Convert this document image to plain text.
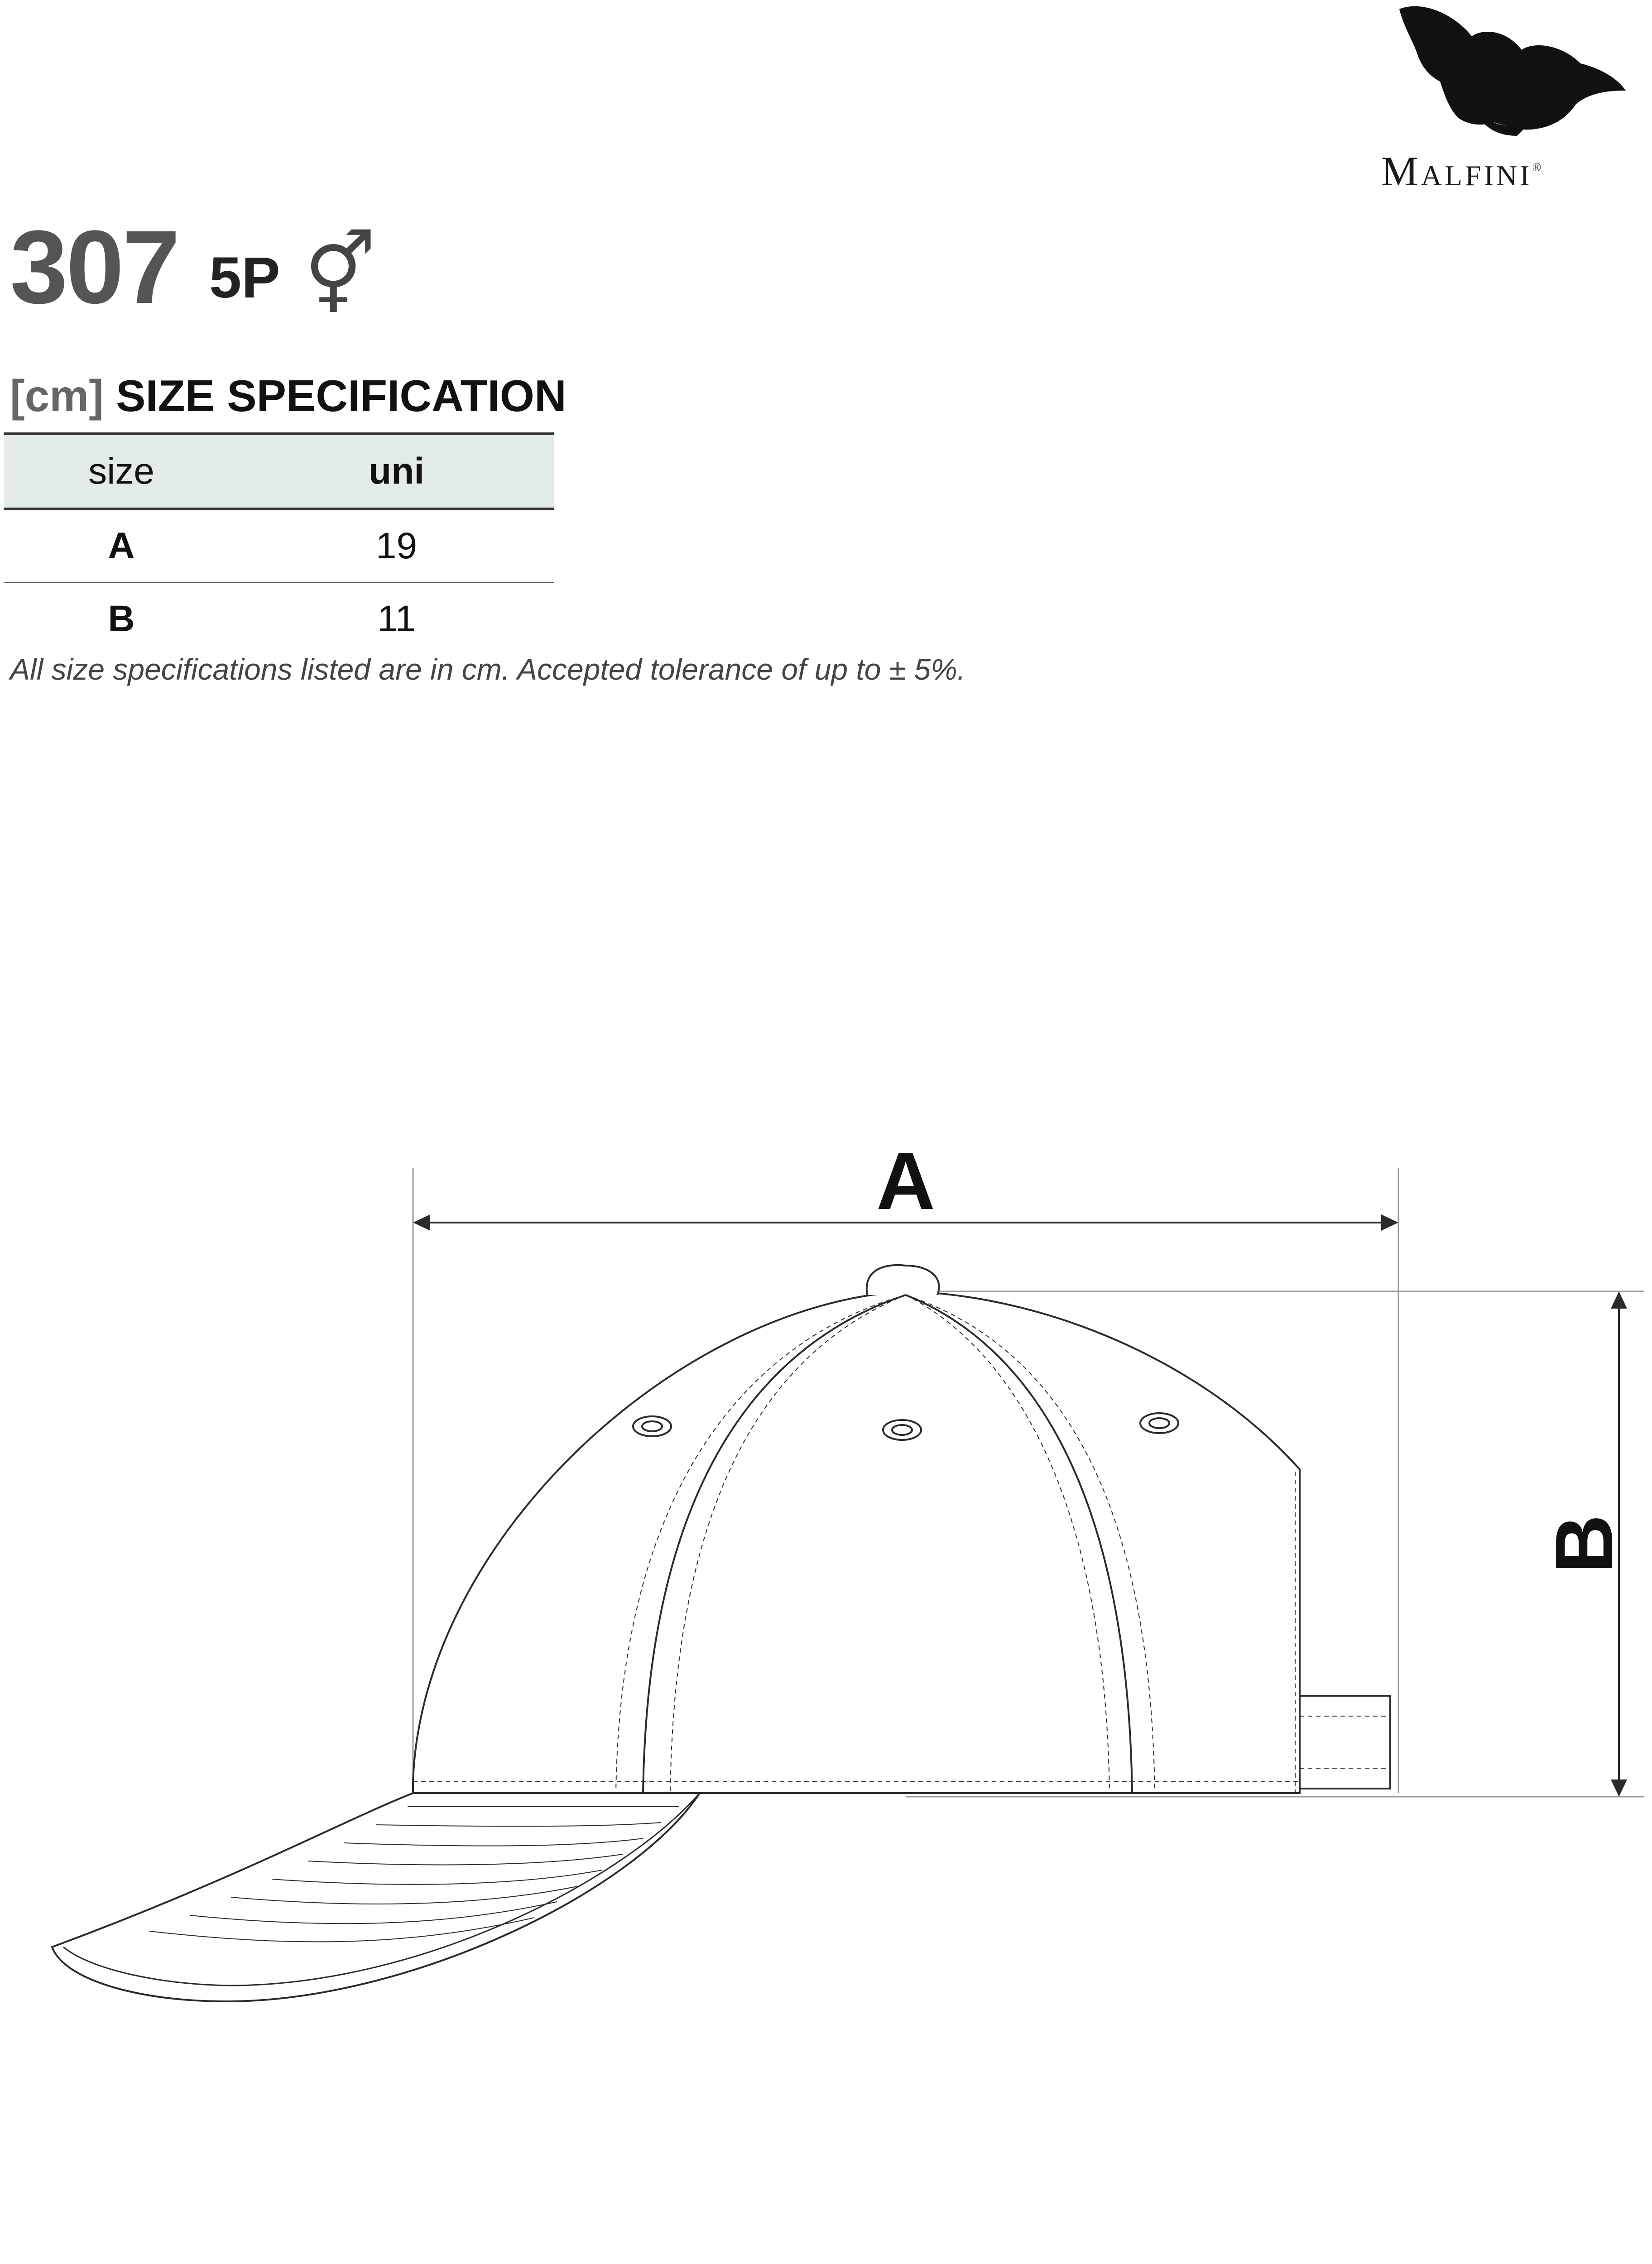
Malfini®
307 5P ⚥
[cm] SIZE SPECIFICATION
size	uni
A	19
B	11
All size specifications listed are in cm. Accepted tolerance of up to ± 5%.
A
B
